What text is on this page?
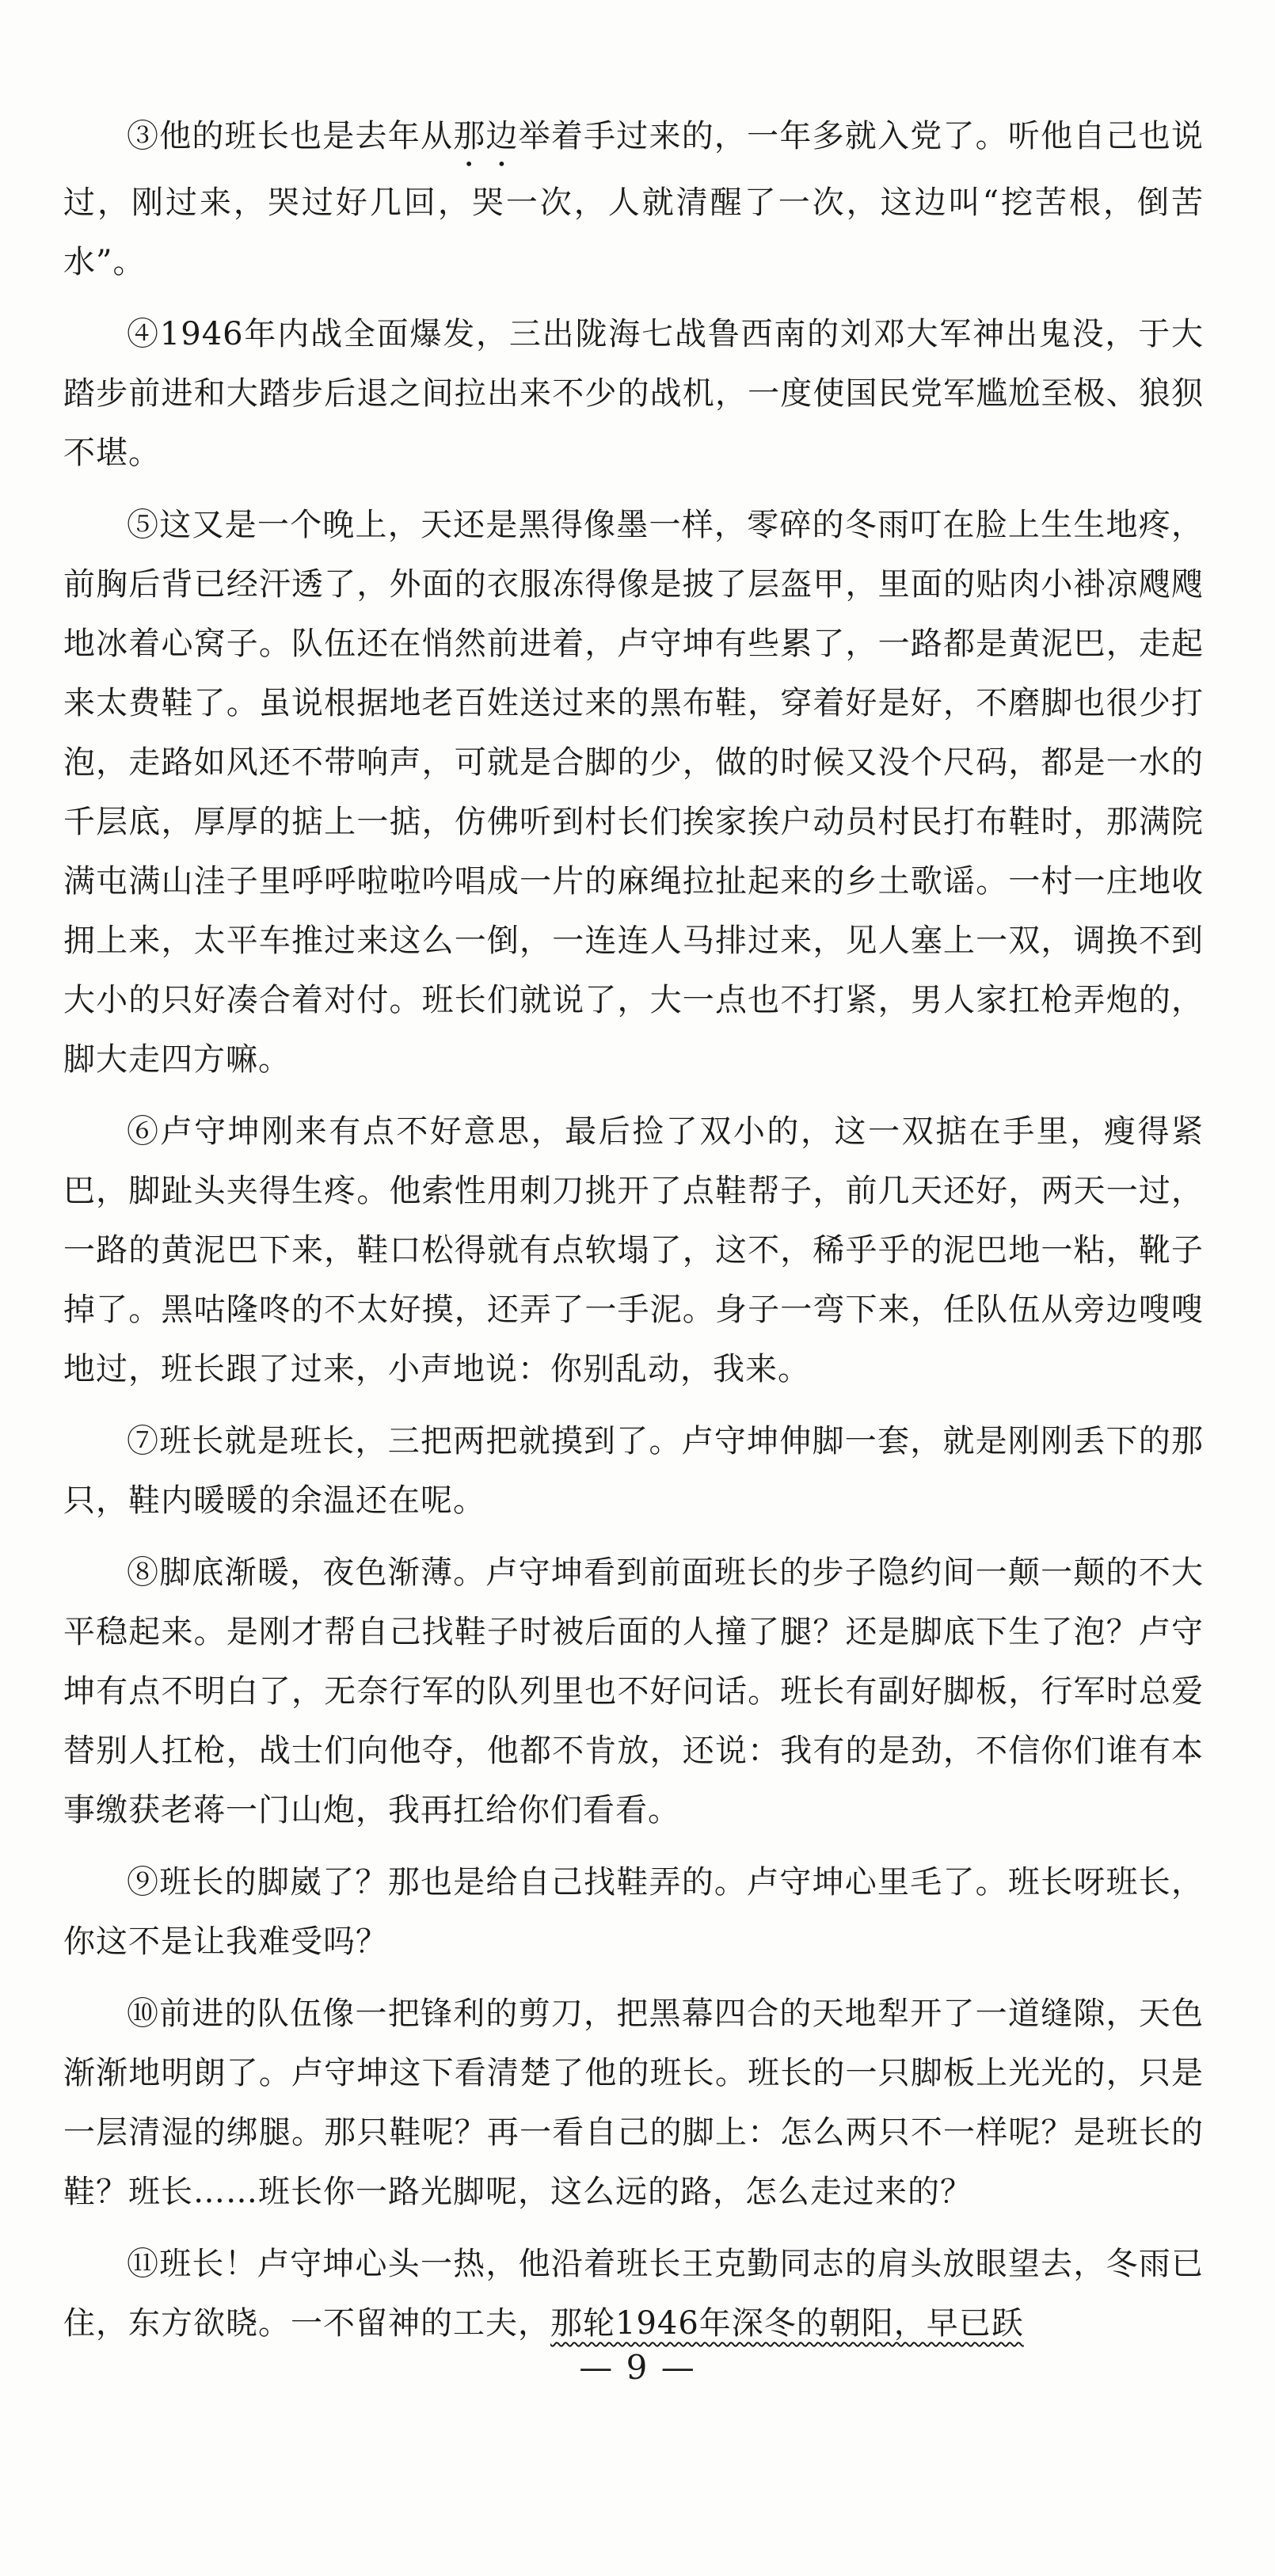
③他的班长也是去年从那边举着手过来的，一年多就入党了。听他自己也说过，刚过来，哭过好几回，哭一次，人就清醒了一次，这边叫“挖苦根，倒苦水”。

④1946年内战全面爆发，三出陇海七战鲁西南的刘邓大军神出鬼没，于大踏步前进和大踏步后退之间拉出来不少的战机，一度使国民党军尴尬至极、狼狈不堪。

⑤这又是一个晚上，天还是黑得像墨一样，零碎的冬雨叮在脸上生生地疼，前胸后背已经汗透了，外面的衣服冻得像是披了层盔甲，里面的贴肉小褂凉飕飕地冰着心窝子。队伍还在悄然前进着，卢守坤有些累了，一路都是黄泥巴，走起来太费鞋了。虽说根据地老百姓送过来的黑布鞋，穿着好是好，不磨脚也很少打泡，走路如风还不带响声，可就是合脚的少，做的时候又没个尺码，都是一水的千层底，厚厚的掂上一掂，仿佛听到村长们挨家挨户动员村民打布鞋时，那满院满屯满山洼子里呼呼啦啦吟唱成一片的麻绳拉扯起来的乡土歌谣。一村一庄地收拥上来，太平车推过来这么一倒，一连连人马排过来，见人塞上一双，调换不到大小的只好凑合着对付。班长们就说了，大一点也不打紧，男人家扛枪弄炮的，脚大走四方嘛。

⑥卢守坤刚来有点不好意思，最后捡了双小的，这一双掂在手里，瘦得紧巴，脚趾头夹得生疼。他索性用刺刀挑开了点鞋帮子，前几天还好，两天一过，一路的黄泥巴下来，鞋口松得就有点软塌了，这不，稀乎乎的泥巴地一粘，靴子掉了。黑咕隆咚的不太好摸，还弄了一手泥。身子一弯下来，任队伍从旁边嗖嗖地过，班长跟了过来，小声地说：你别乱动，我来。

⑦班长就是班长，三把两把就摸到了。卢守坤伸脚一套，就是刚刚丢下的那只，鞋内暖暖的余温还在呢。

⑧脚底渐暖，夜色渐薄。卢守坤看到前面班长的步子隐约间一颠一颠的不大平稳起来。是刚才帮自己找鞋子时被后面的人撞了腿？还是脚底下生了泡？卢守坤有点不明白了，无奈行军的队列里也不好问话。班长有副好脚板，行军时总爱替别人扛枪，战士们向他夺，他都不肯放，还说：我有的是劲，不信你们谁有本事缴获老蒋一门山炮，我再扛给你们看看。

⑨班长的脚崴了？那也是给自己找鞋弄的。卢守坤心里毛了。班长呀班长，你这不是让我难受吗？

⑩前进的队伍像一把锋利的剪刀，把黑幕四合的天地犁开了一道缝隙，天色渐渐地明朗了。卢守坤这下看清楚了他的班长。班长的一只脚板上光光的，只是一层清湿的绑腿。那只鞋呢？再一看自己的脚上：怎么两只不一样呢？是班长的鞋？班长……班长你一路光脚呢，这么远的路，怎么走过来的？

⑪班长！卢守坤心头一热，他沿着班长王克勤同志的肩头放眼望去，冬雨已住，东方欲晓。一不留神的工夫，那轮1946年深冬的朝阳，早已跃

— 9 —
